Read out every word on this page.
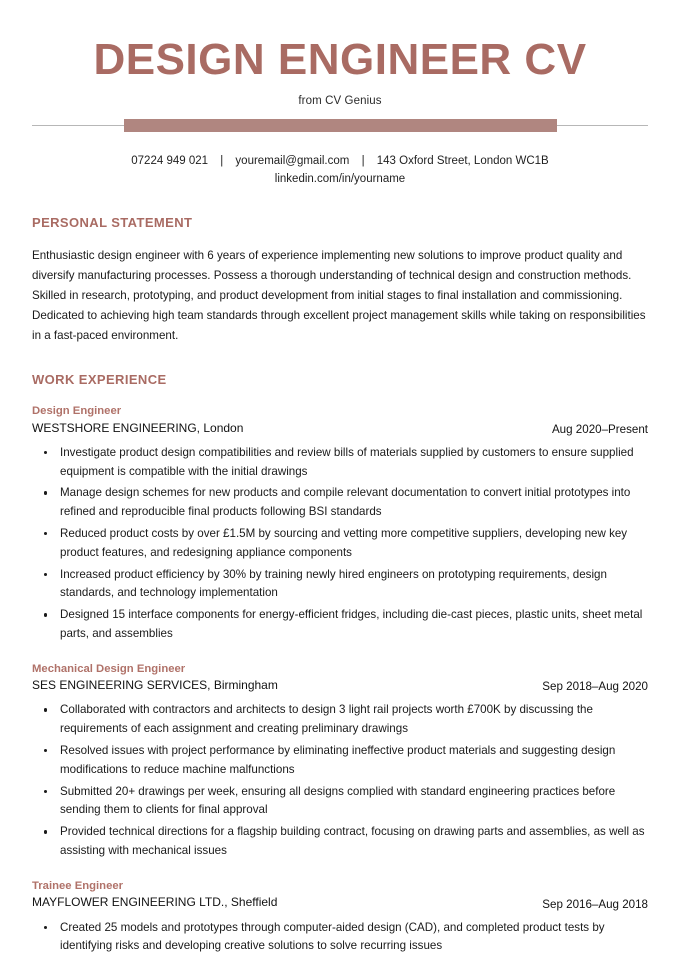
DESIGN ENGINEER CV
from CV Genius
07224 949 021 | youremail@gmail.com | 143 Oxford Street, London WC1B
linkedin.com/in/yourname
PERSONAL STATEMENT

Enthusiastic design engineer with 6 years of experience implementing new solutions to improve product quality and diversify manufacturing processes. Possess a thorough understanding of technical design and construction methods. Skilled in research, prototyping, and product development from initial stages to final installation and commissioning. Dedicated to achieving high team standards through excellent project management skills while taking on responsibilities in a fast-paced environment.

WORK EXPERIENCE
Design Engineer
WESTSHORE ENGINEERING, London	Aug 2020–Present
Investigate product design compatibilities and review bills of materials supplied by customers to ensure supplied equipment is compatible with the initial drawings
Manage design schemes for new products and compile relevant documentation to convert initial prototypes into refined and reproducible final products following BSI standards
Reduced product costs by over £1.5M by sourcing and vetting more competitive suppliers, developing new key product features, and redesigning appliance components
Increased product efficiency by 30% by training newly hired engineers on prototyping requirements, design standards, and technology implementation
Designed 15 interface components for energy-efficient fridges, including die-cast pieces, plastic units, sheet metal parts, and assemblies
Mechanical Design Engineer
SES ENGINEERING SERVICES, Birmingham	Sep 2018–Aug 2020
Collaborated with contractors and architects to design 3 light rail projects worth £700K by discussing the requirements of each assignment and creating preliminary drawings
Resolved issues with project performance by eliminating ineffective product materials and suggesting design modifications to reduce machine malfunctions
Submitted 20+ drawings per week, ensuring all designs complied with standard engineering practices before sending them to clients for final approval
Provided technical directions for a flagship building contract, focusing on drawing parts and assemblies, as well as assisting with mechanical issues
Trainee Engineer
MAYFLOWER ENGINEERING LTD., Sheffield	Sep 2016–Aug 2018
Created 25 models and prototypes through computer-aided design (CAD), and completed product tests by identifying risks and developing creative solutions to solve recurring issues
